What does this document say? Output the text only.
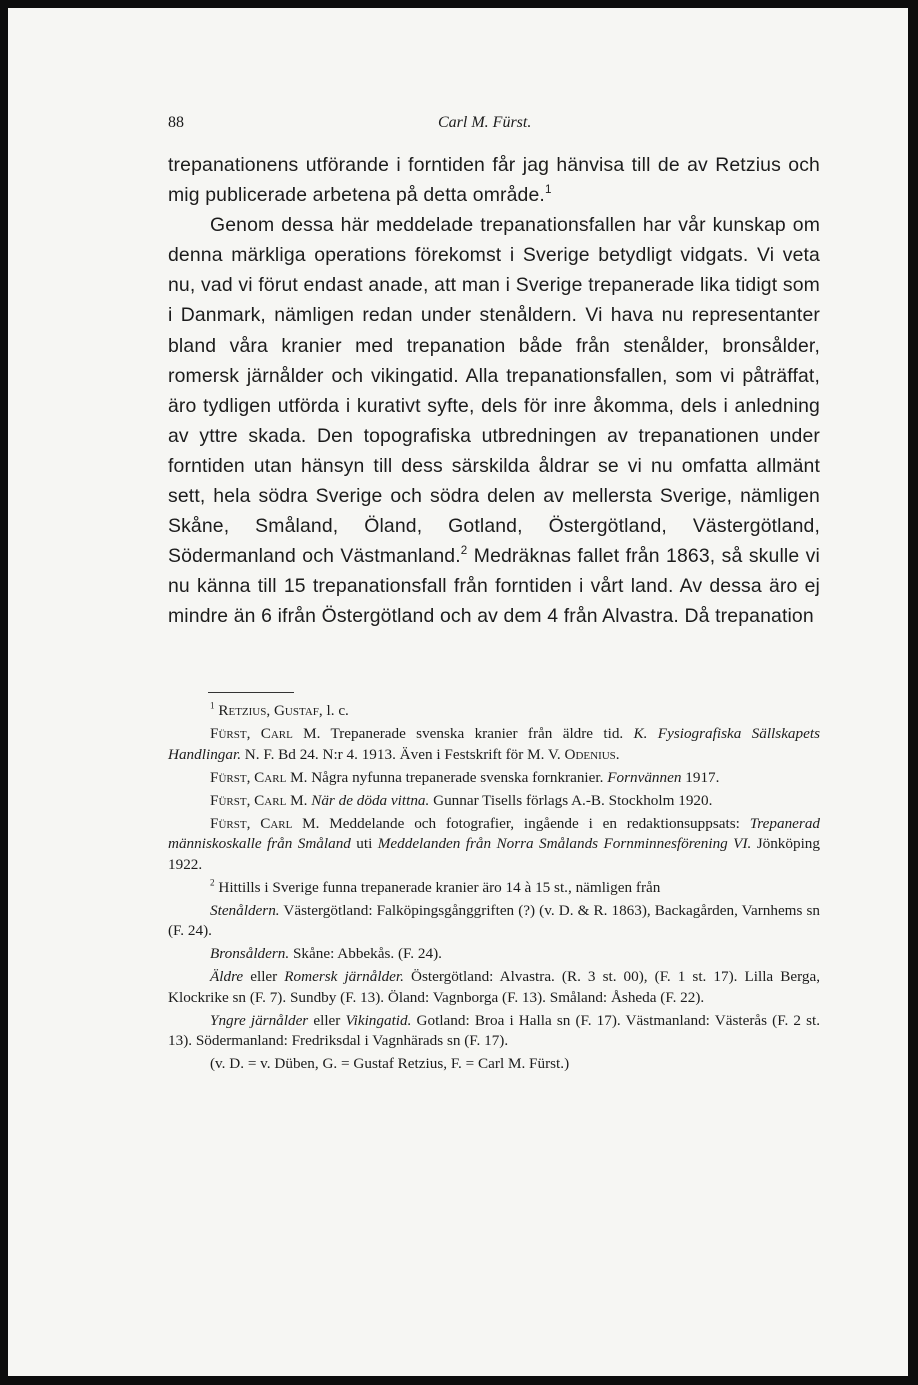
88	Carl M. Fürst.

trepanationens utförande i forntiden får jag hänvisa till de av Retzius och mig publicerade arbetena på detta område.$^1$

Genom dessa här meddelade trepanationsfallen har vår kunskap om denna märkliga operations förekomst i Sverige betydligt vidgats. Vi veta nu, vad vi förut endast anade, att man i Sverige trepanerade lika tidigt som i Danmark, nämligen redan under stenåldern. Vi hava nu representanter bland våra kranier med trepanation både från stenålder, bronsålder, romersk järnålder och vikingatid. Alla trepanationsfallen, som vi påträffat, äro tydligen utförda i kurativt syfte, dels för inre åkomma, dels i anledning av yttre skada. Den topografiska utbredningen av trepanationen under forntiden utan hänsyn till dess särskilda åldrar se vi nu omfatta allmänt sett, hela södra Sverige och södra delen av mellersta Sverige, nämligen Skåne, Småland, Öland, Gotland, Östergötland, Västergötland, Södermanland och Västmanland.$^2$ Medräknas fallet från 1863, så skulle vi nu känna till 15 trepanationsfall från forntiden i vårt land. Av dessa äro ej mindre än 6 ifrån Östergötland och av dem 4 från Alvastra. Då trepanation

$^1$ Retzius, Gustaf, l. c.

Fürst, Carl M. Trepanerade svenska kranier från äldre tid. K. Fysiografiska Sällskapets Handlingar. N. F. Bd 24. N:r 4. 1913. Även i Festskrift för M. V. Odenius.

Fürst, Carl M. Några nyfunna trepanerade svenska fornkranier. Fornvännen 1917.

Fürst, Carl M. När de döda vittna. Gunnar Tisells förlags A.-B. Stockholm 1920.

Fürst, Carl M. Meddelande och fotografier, ingående i en redaktionsuppsats: Trepanerad människoskalle från Småland uti Meddelanden från Norra Smålands Fornminnesförening VI. Jönköping 1922.

$^2$ Hittills i Sverige funna trepanerade kranier äro 14 à 15 st., nämligen från

Stenåldern. Västergötland: Falköpingsgånggriften (?) (v. D. & R. 1863), Backagården, Varnhems sn (F. 24).

Bronsåldern. Skåne: Abbekås. (F. 24).

Äldre eller Romersk järnålder. Östergötland: Alvastra. (R. 3 st. 00), (F. 1 st. 17). Lilla Berga, Klockrike sn (F. 7). Sundby (F. 13). Öland: Vagnborga (F. 13). Småland: Åsheda (F. 22).

Yngre järnålder eller Vikingatid. Gotland: Broa i Halla sn (F. 17). Västmanland: Västerås (F. 2 st. 13). Södermanland: Fredriksdal i Vagnhärads sn (F. 17).

(v. D. = v. Düben, G. = Gustaf Retzius, F. = Carl M. Fürst.)
